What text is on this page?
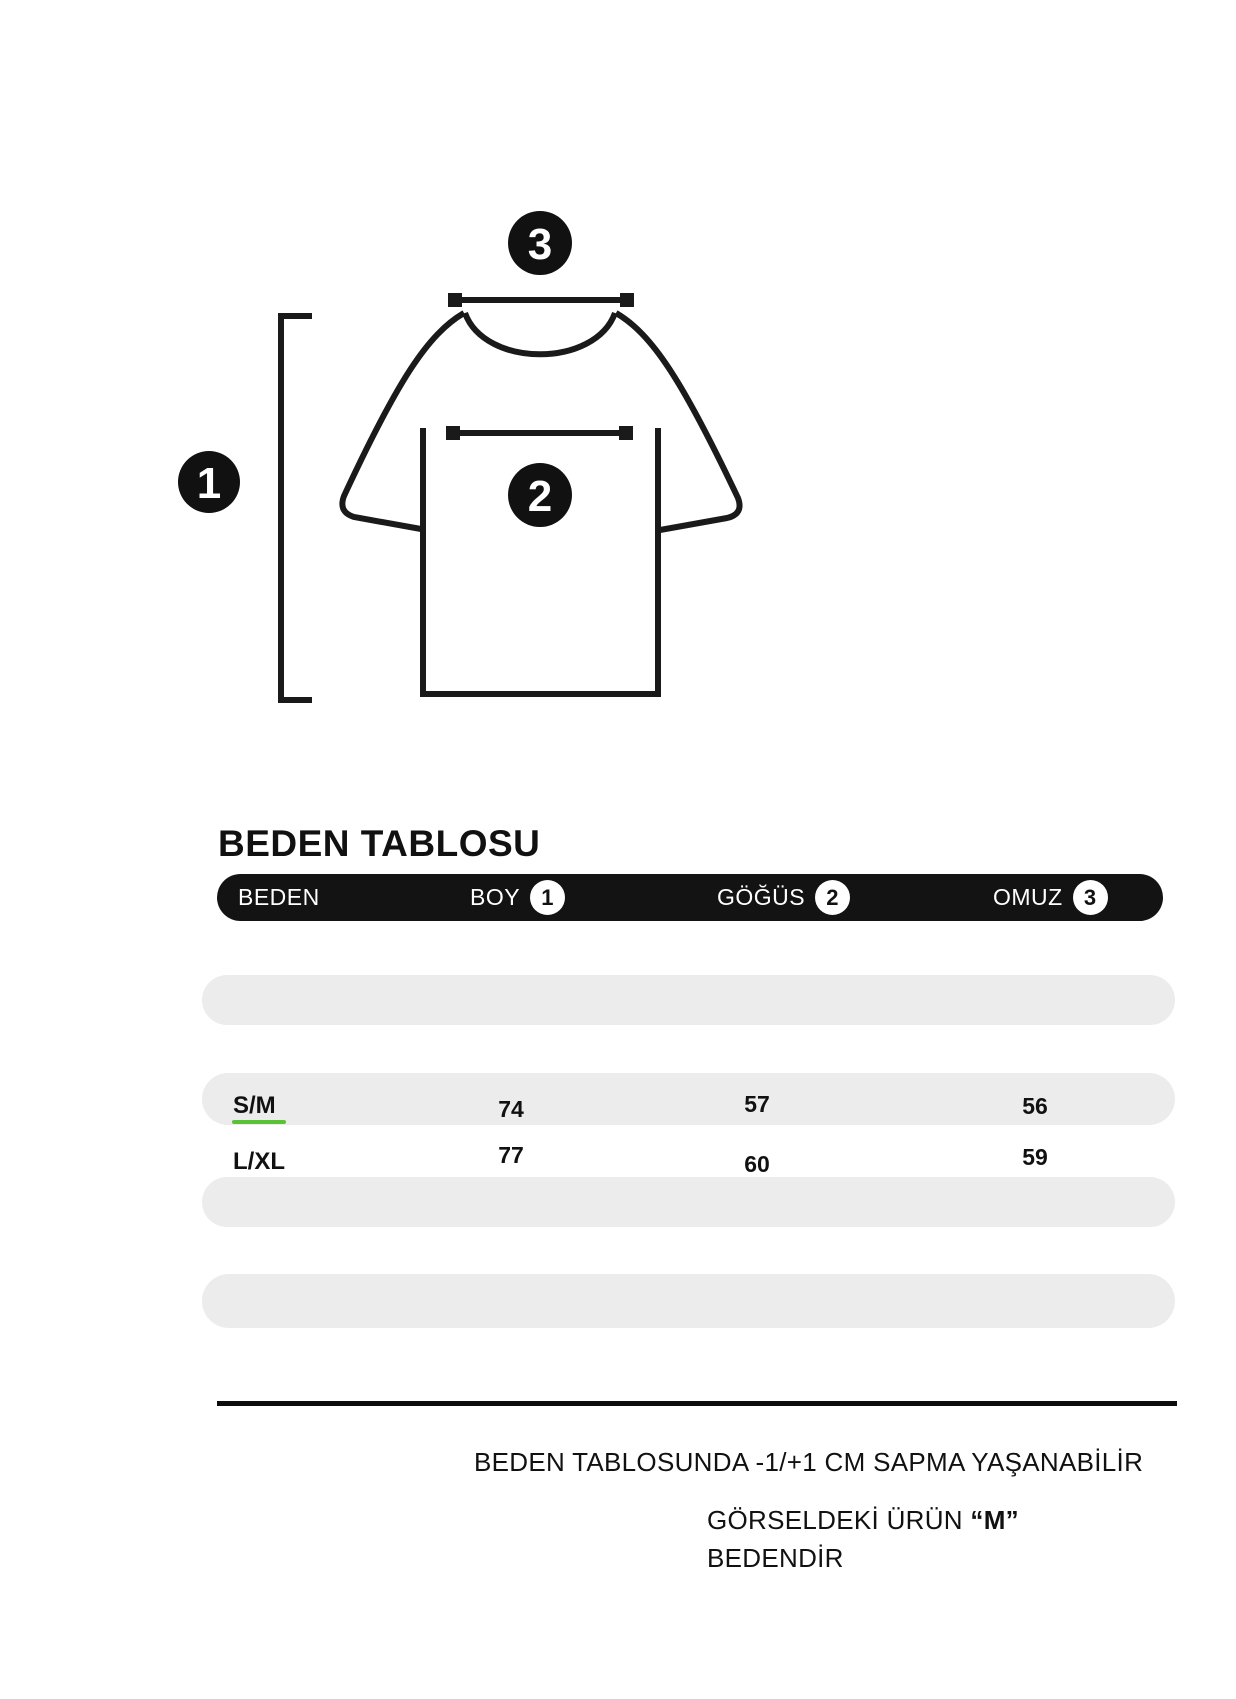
1	2
3
BEDEN TABLOSU
BEDEN	BOY 1	GÖĞÜS 2	OMUZ 3
S/M	74	57	56
L/XL	77	60	59
BEDEN TABLOSUNDA -1/+1 CM SAPMA YAŞANABİLİR
GÖRSELDEKİ ÜRÜN “M”
BEDENDİR
